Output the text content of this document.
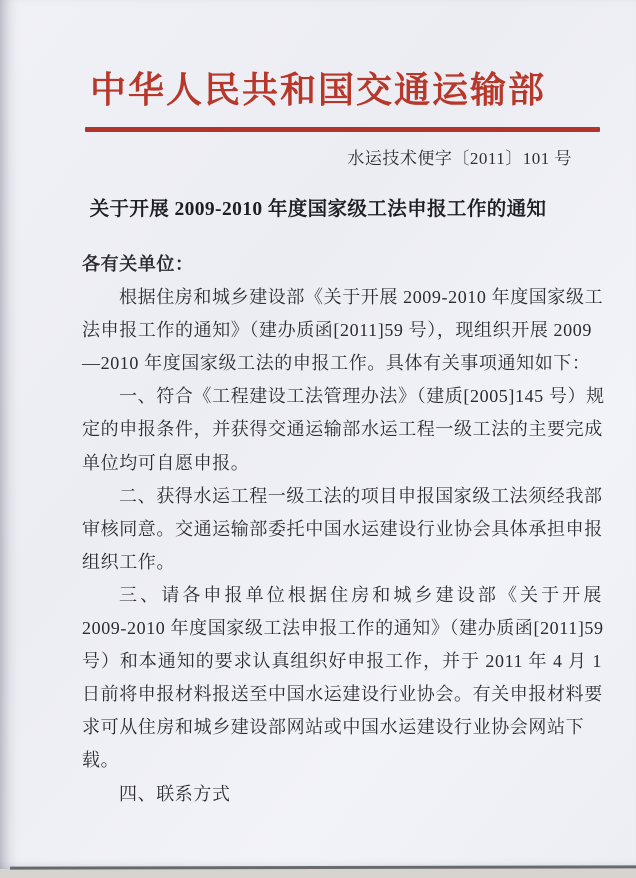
中华人民共和国交通运输部
水运技术便字〔2011〕101 号
关于开展 2009-2010 年度国家级工法申报工作的通知
各有关单位：
根据住房和城乡建设部《关于开展 2009-2010 年度国家级工
法申报工作的通知》（建办质函[2011]59 号），现组织开展 2009
—2010 年度国家级工法的申报工作。具体有关事项通知如下：
一、符合《工程建设工法管理办法》（建质[2005]145 号）规
定的申报条件，并获得交通运输部水运工程一级工法的主要完成
单位均可自愿申报。
二、获得水运工程一级工法的项目申报国家级工法须经我部
审核同意。交通运输部委托中国水运建设行业协会具体承担申报
组织工作。
三、请各申报单位根据住房和城乡建设部《关于开展
2009-2010 年度国家级工法申报工作的通知》（建办质函[2011]59
号）和本通知的要求认真组织好申报工作，并于 2011 年 4 月 1
日前将申报材料报送至中国水运建设行业协会。有关申报材料要
求可从住房和城乡建设部网站或中国水运建设行业协会网站下
载。
四、联系方式
